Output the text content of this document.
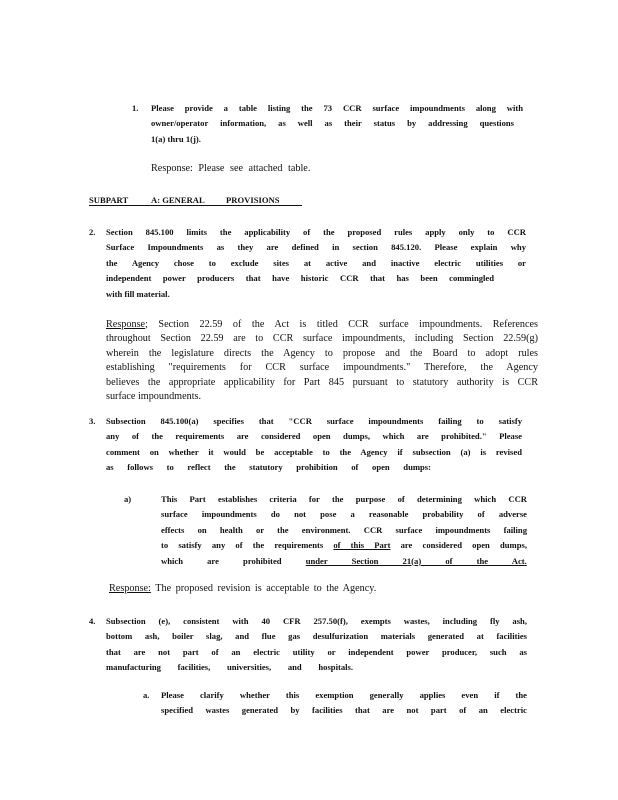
1. Please provide a table listing the 73 CCR surface impoundments along with
owner/operator information, as well as their status by addressing questions
1(a) thru 1(j).
Response: Please see attached table.
SUBPART	A: GENERAL PROVISIONS
2. Section 845.100 limits the applicability of the proposed rules apply only to CCR
Surface Impoundments as they are defined in section 845.120. Please explain why
the Agency chose to exclude sites at active and inactive electric utilities or
independent power producers that have historic CCR that has been commingled
with fill material.
Response; Section 22.59 of the Act is titled CCR surface impoundments. References
throughout Section 22.59 are to CCR surface impoundments, including Section 22.59(g)
wherein the legislature directs the Agency to propose and the Board to adopt rules
establishing "requirements for CCR surface impoundments." Therefore, the Agency
believes the appropriate applicability for Part 845 pursuant to statutory authority is CCR
surface impoundments.
3. Subsection 845.100(a) specifies that "CCR surface impoundments failing to satisfy
any of the requirements are considered open dumps, which are prohibited." Please
comment on whether it would be acceptable to the Agency if subsection (a) is revised
as follows to reflect the statutory prohibition of open dumps:
a)	This Part establishes criteria for the purpose of determining which CCR
surface impoundments do not pose a reasonable probability of adverse
effects on health or the environment. CCR surface impoundments failing
to satisfy any of the requirements of this Part are considered open dumps,
which are prohibited	under Section 21(a) of the Act.
Response: The proposed revision is acceptable to the Agency.
4. Subsection (e), consistent with 40 CFR 257.50(f), exempts wastes, including fly ash,
bottom ash, boiler slag, and flue gas desulfurization materials generated at facilities
that are not part of an electric utility or independent power producer, such as
manufacturing facilities, universities, and hospitals.
a. Please clarify whether this exemption generally applies even if the
specified wastes generated by facilities that are not part of an electric
